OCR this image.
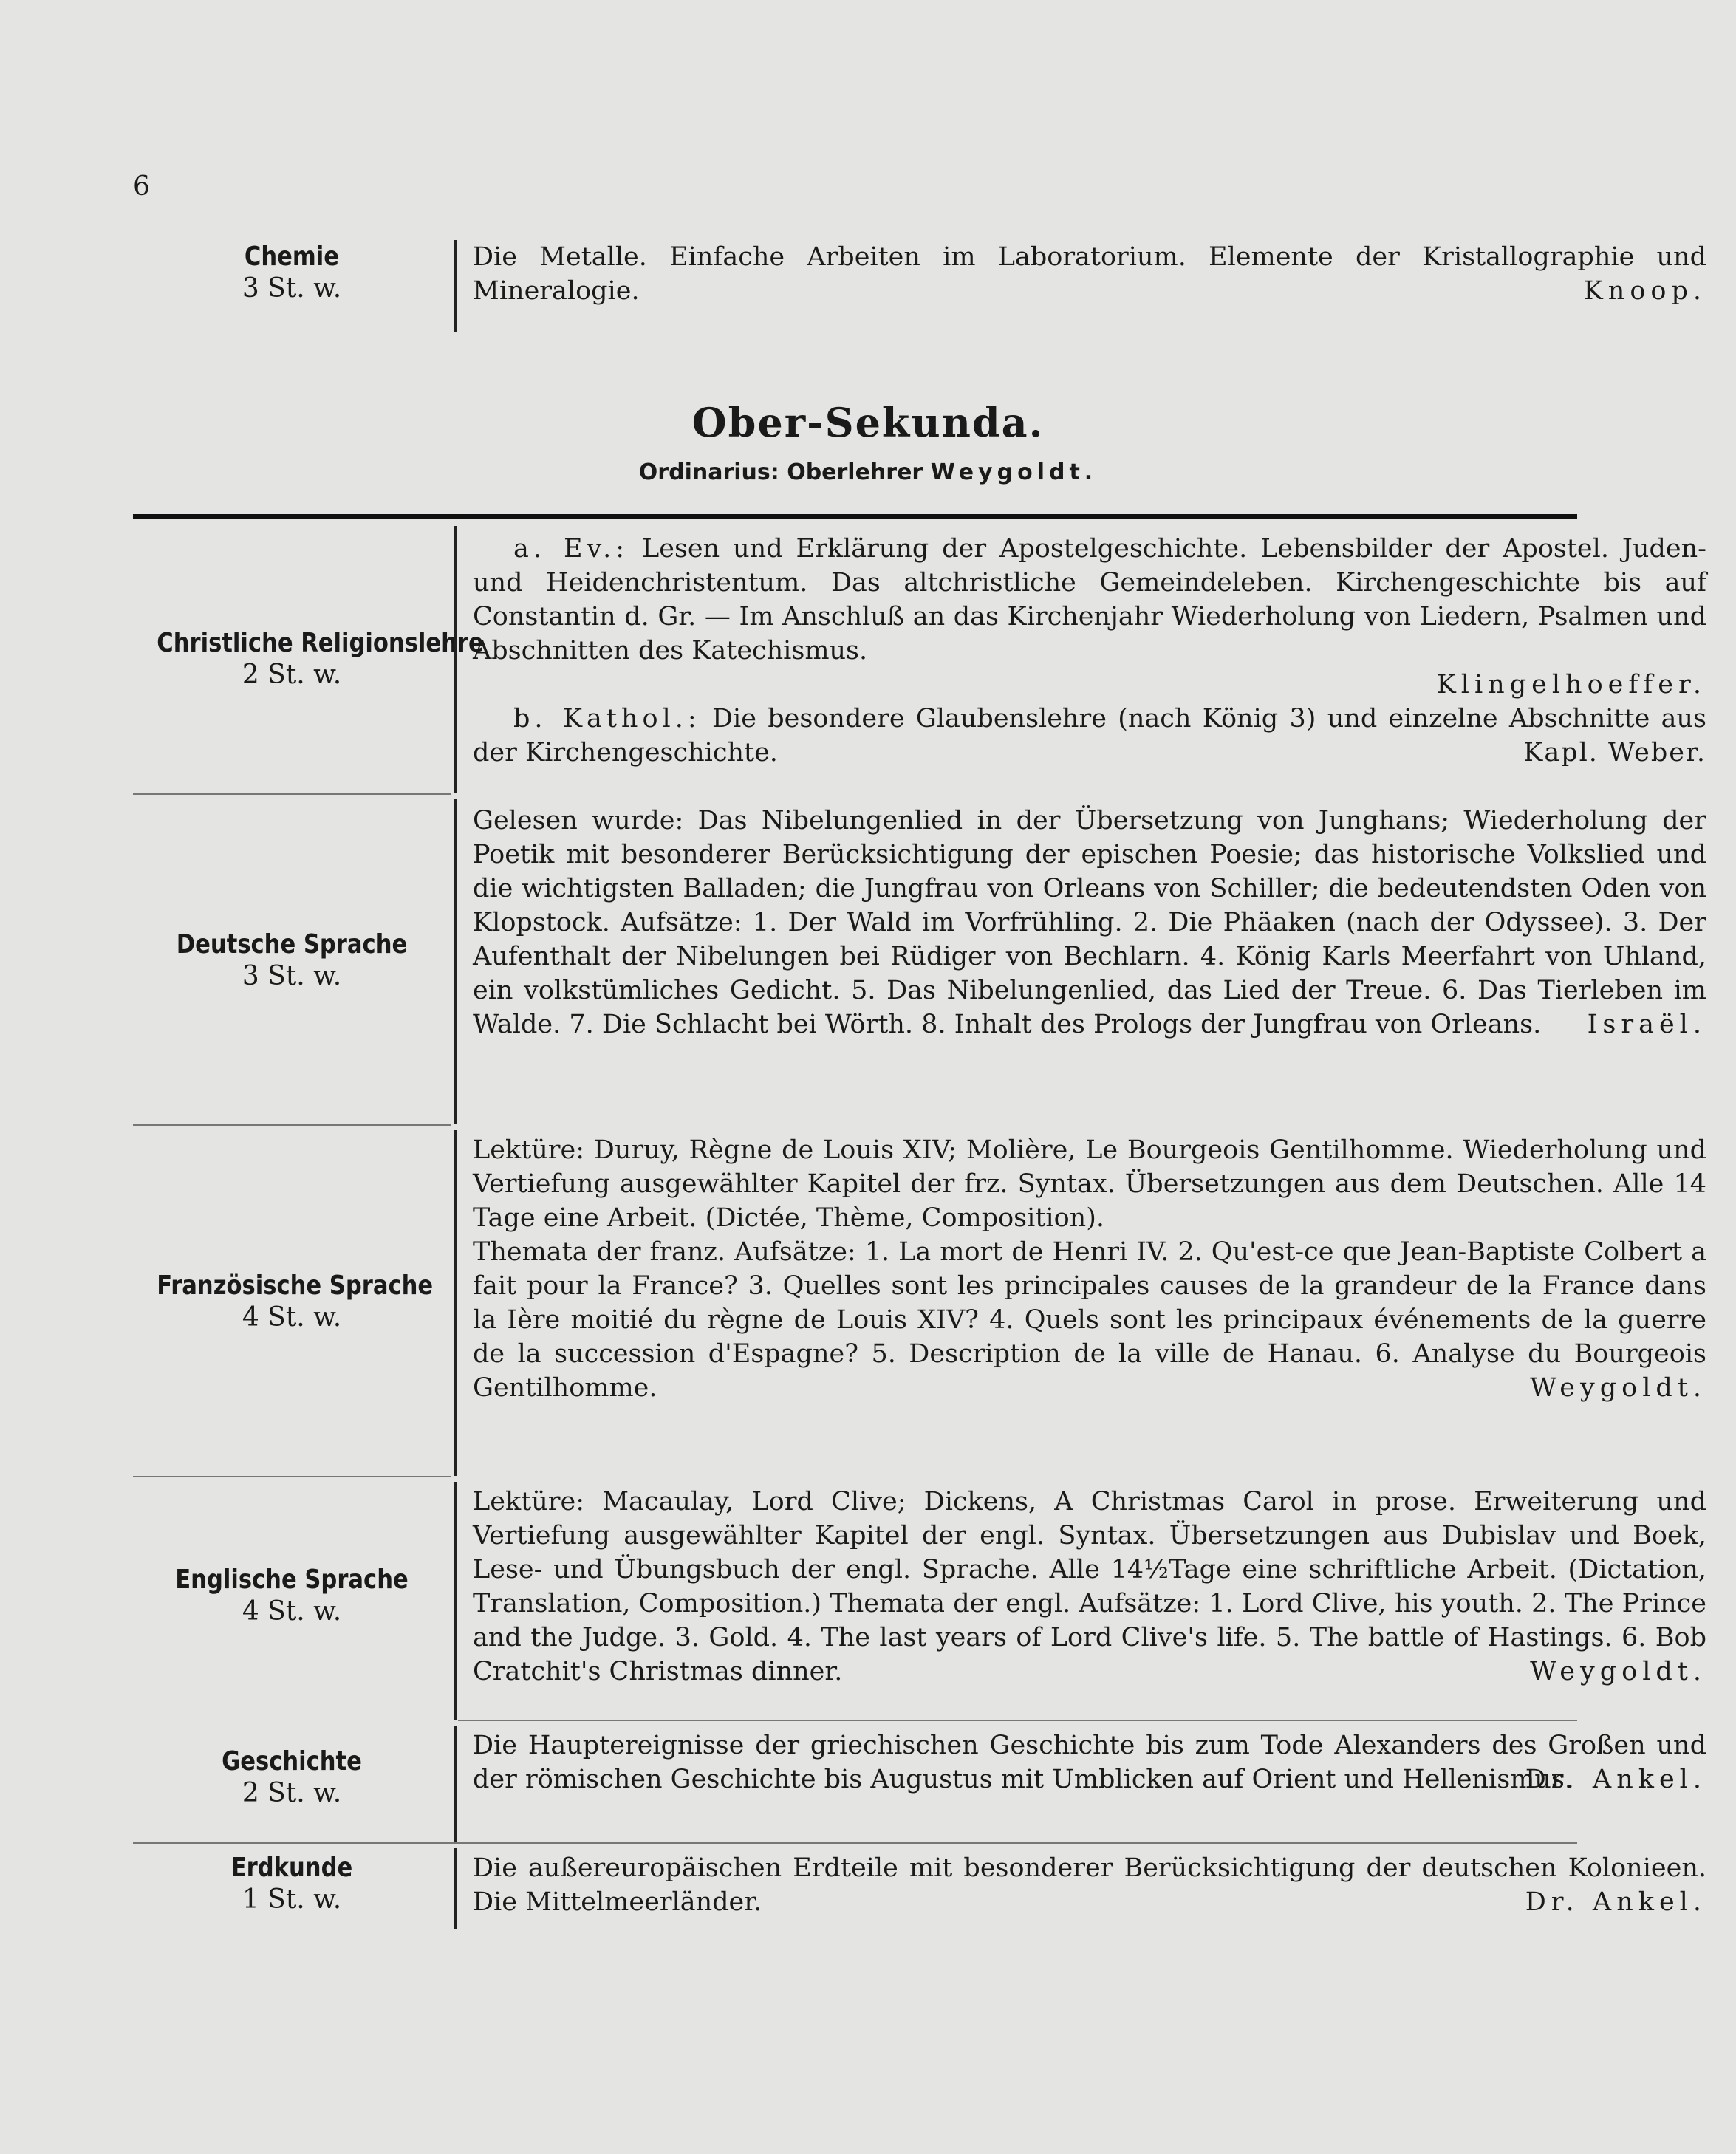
6
Chemie
3 St. w.

Die Metalle. Einfache Arbeiten im Laboratorium. Elemente der Kristallographie und Mineralogie.	Knoop.
Ober-Sekunda.
Ordinarius: Oberlehrer Weygoldt.
Christliche Religionslehre
2 St. w.

a. Ev.: Lesen und Erklärung der Apostelgeschichte. Lebensbilder der Apostel. Juden- und Heidenchristentum. Das altchristliche Gemeindeleben. Kirchengeschichte bis auf Constantin d. Gr. — Im Anschluß an das Kirchenjahr Wiederholung von Liedern, Psalmen und Abschnitten des Katechismus.

Klingelhoeffer.

b. Kathol.: Die besondere Glaubenslehre (nach König 3) und einzelne Abschnitte aus der Kirchengeschichte.	Kapl. Weber.
Deutsche Sprache
3 St. w.

Gelesen wurde: Das Nibelungenlied in der Übersetzung von Junghans; Wiederholung der Poetik mit besonderer Berücksichtigung der epischen Poesie; das historische Volkslied und die wichtigsten Balladen; die Jungfrau von Orleans von Schiller; die bedeutendsten Oden von Klopstock. Aufsätze: 1. Der Wald im Vorfrühling. 2. Die Phäaken (nach der Odyssee). 3. Der Aufenthalt der Nibelungen bei Rüdiger von Bechlarn. 4. König Karls Meerfahrt von Uhland, ein volkstümliches Gedicht. 5. Das Nibelungenlied, das Lied der Treue. 6. Das Tierleben im Walde. 7. Die Schlacht bei Wörth. 8. Inhalt des Prologs der Jungfrau von Orleans.	Israël.
Französische Sprache
4 St. w.

Lektüre: Duruy, Règne de Louis XIV; Molière, Le Bourgeois Gentilhomme. Wiederholung und Vertiefung ausgewählter Kapitel der frz. Syntax. Übersetzungen aus dem Deutschen. Alle 14 Tage eine Arbeit. (Dictée, Thème, Composition).

Themata der franz. Aufsätze: 1. La mort de Henri IV. 2. Qu'est-ce que Jean-Baptiste Colbert a fait pour la France? 3. Quelles sont les principales causes de la grandeur de la France dans la Ière moitié du règne de Louis XIV? 4. Quels sont les principaux événements de la guerre de la succession d'Espagne? 5. Description de la ville de Hanau. 6. Analyse du Bourgeois Gentilhomme.	Weygoldt.
Englische Sprache
4 St. w.

Lektüre: Macaulay, Lord Clive; Dickens, A Christmas Carol in prose. Erweiterung und Vertiefung ausgewählter Kapitel der engl. Syntax. Übersetzungen aus Dubislav und Boek, Lese- und Übungsbuch der engl. Sprache. Alle 14½Tage eine schriftliche Arbeit. (Dictation, Translation, Composition.) Themata der engl. Aufsätze: 1. Lord Clive, his youth. 2. The Prince and the Judge. 3. Gold. 4. The last years of Lord Clive's life. 5. The battle of Hastings. 6. Bob Cratchit's Christmas dinner.	Weygoldt.
Geschichte
2 St. w.

Die Hauptereignisse der griechischen Geschichte bis zum Tode Alexanders des Großen und der römischen Geschichte bis Augustus mit Umblicken auf Orient und Hellenismus.

Dr. Ankel.
Erdkunde
1 St. w.

Die außereuropäischen Erdteile mit besonderer Berücksichtigung der deutschen Kolonieen. Die Mittelmeerländer.	Dr. Ankel.
